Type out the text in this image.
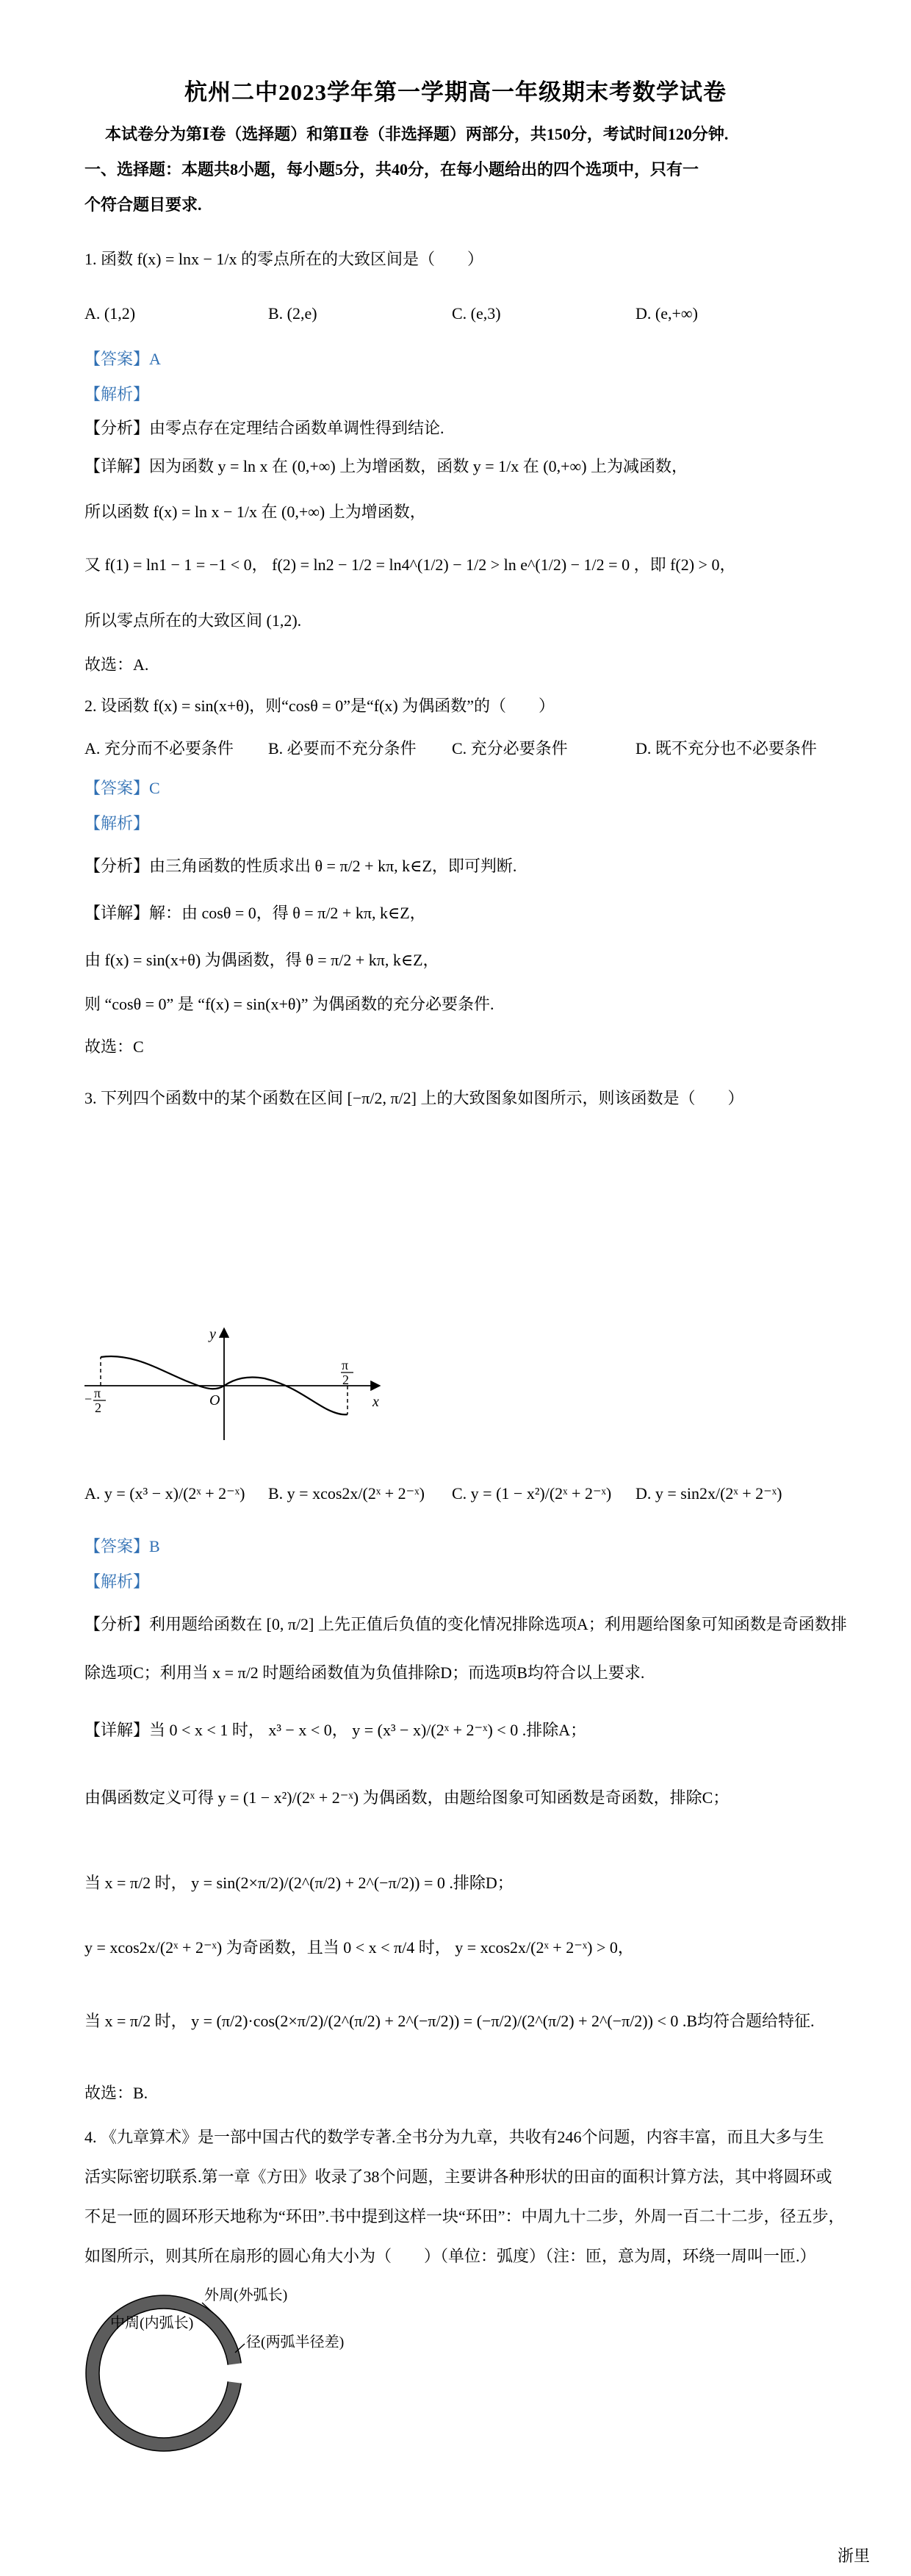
杭州二中2023学年第一学期高一年级期末考数学试卷
本试卷分为第Ⅰ卷（选择题）和第Ⅱ卷（非选择题）两部分，共150分，考试时间120分钟.
一、选择题：本题共8小题，每小题5分，共40分，在每小题给出的四个选项中，只有一
个符合题目要求.
1. 函数 f(x) = lnx − 1/x 的零点所在的大致区间是（　　）
A. (1,2)	B. (2,e)	C. (e,3)	D. (e,+∞)
【答案】A
【解析】
【分析】由零点存在定理结合函数单调性得到结论.
【详解】因为函数 y = ln x 在 (0,+∞) 上为增函数，函数 y = 1/x 在 (0,+∞) 上为减函数，
所以函数 f(x) = ln x − 1/x 在 (0,+∞) 上为增函数，
又 f(1) = ln1 − 1 = −1 < 0， f(2) = ln2 − 1/2 = ln4^(1/2) − 1/2 > ln e^(1/2) − 1/2 = 0 ，即 f(2) > 0，
所以零点所在的大致区间 (1,2).
故选：A.
2. 设函数 f(x) = sin(x+θ)，则“cosθ = 0”是“f(x) 为偶函数”的（　　）
A. 充分而不必要条件 B. 必要而不充分条件 C. 充分必要条件	D. 既不充分也不必要条件
【答案】C
【解析】
【分析】由三角函数的性质求出 θ = π/2 + kπ, k∈Z，即可判断.
【详解】解：由 cosθ = 0，得 θ = π/2 + kπ, k∈Z，
由 f(x) = sin(x+θ) 为偶函数，得 θ = π/2 + kπ, k∈Z，
则 “cosθ = 0” 是 “f(x) = sin(x+θ)” 为偶函数的充分必要条件.
故选：C
3. 下列四个函数中的某个函数在区间 [−π/2, π/2] 上的大致图象如图所示，则该函数是（　　）
y
x
O
π
2
− π
2
A. y = (x³ − x)/(2ˣ + 2⁻ˣ) B. y = xcos2x/(2ˣ + 2⁻ˣ) C. y = (1 − x²)/(2ˣ + 2⁻ˣ) D. y = sin2x/(2ˣ + 2⁻ˣ)
【答案】B
【解析】
【分析】利用题给函数在 [0, π/2] 上先正值后负值的变化情况排除选项A；利用题给图象可知函数是奇函数排
除选项C；利用当 x = π/2 时题给函数值为负值排除D；而选项B均符合以上要求.
【详解】当 0 < x < 1 时， x³ − x < 0， y = (x³ − x)/(2ˣ + 2⁻ˣ) < 0 .排除A；
由偶函数定义可得 y = (1 − x²)/(2ˣ + 2⁻ˣ) 为偶函数，由题给图象可知函数是奇函数，排除C；
当 x = π/2 时， y = sin(2×π/2)/(2^(π/2) + 2^(−π/2)) = 0 .排除D；
y = xcos2x/(2ˣ + 2⁻ˣ) 为奇函数，且当 0 < x < π/4 时， y = xcos2x/(2ˣ + 2⁻ˣ) > 0，
当 x = π/2 时， y = (π/2)·cos(2×π/2)/(2^(π/2) + 2^(−π/2)) = (−π/2)/(2^(π/2) + 2^(−π/2)) < 0 .B均符合题给特征.
故选：B.
4. 《九章算术》是一部中国古代的数学专著.全书分为九章，共收有246个问题，内容丰富，而且大多与生
活实际密切联系.第一章《方田》收录了38个问题，主要讲各种形状的田亩的面积计算方法，其中将圆环或
不足一匝的圆环形天地称为“环田”.书中提到这样一块“环田”：中周九十二步，外周一百二十二步，径五步，
如图所示，则其所在扇形的圆心角大小为（　　）（单位：弧度）（注：匝，意为周，环绕一周叫一匝.）
外周(外弧长)
中周(内弧长)
径(两弧半径差)
浙里
